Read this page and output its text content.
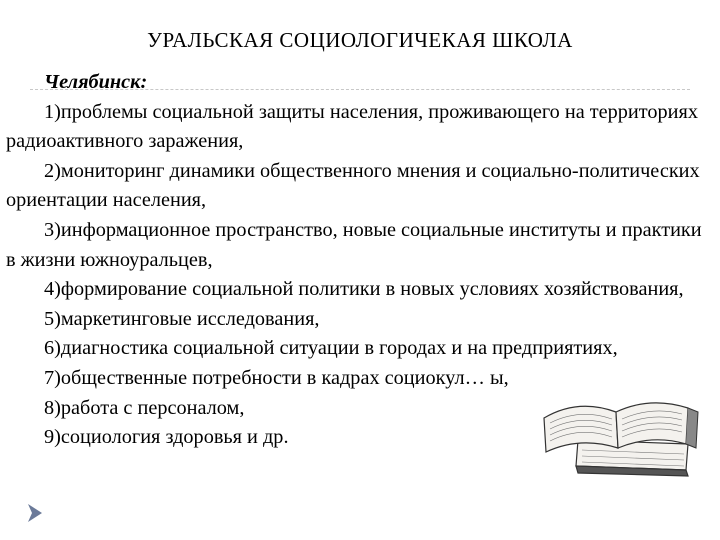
УРАЛЬСКАЯ СОЦИОЛОГИЧЕКАЯ ШКОЛА
Челябинск:
1)проблемы социальной защиты населения, проживающего на территориях радиоактивного заражения,
2)мониторинг динамики общественного мнения и социально-политических ориентации населения,
3)информационное пространство, новые социальные институты и практики в жизни южноуральцев,
4)формирование социальной политики в новых условиях хозяйствования,
5)маркетинговые исследования,
6)диагностика социальной ситуации в городах и на предприятиях,
7)общественные потребности в кадрах социокул… ы,
8)работа с персоналом,
9)социология здоровья и др.
